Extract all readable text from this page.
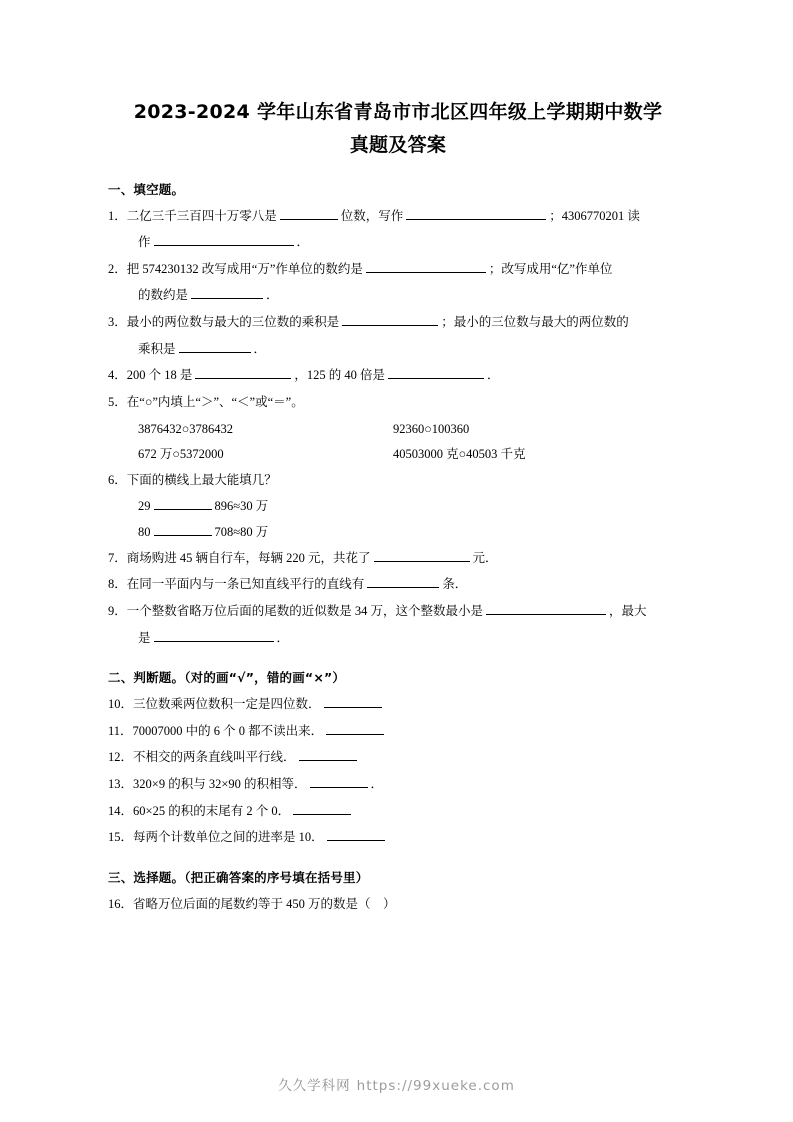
2023-2024 学年山东省青岛市市北区四年级上学期期中数学
真题及答案
一、填空题。

1．二亿三千三百四十万零八是	位数，写作	；4306770201 读

作	．

2．把 574230132 改写成用“万”作单位的数约是	；改写成用“亿”作单位

的数约是	．

3．最小的两位数与最大的三位数的乘积是	；最小的三位数与最大的两位数的

乘积是	．

4．200 个 18 是	，125 的 40 倍是	．

5．在“○”内填上“＞”、“＜”或“＝”。

3876432○3786432	92360○100360
672 万○5372000	40503000 克○40503 千克

6．下面的横线上最大能填几？

29	896≈30 万
80	708≈80 万

7．商场购进 45 辆自行车，每辆 220 元，共花了	元．

8．在同一平面内与一条已知直线平行的直线有	条．

9．一个整数省略万位后面的尾数的近似数是 34 万，这个整数最小是	，最大

是	．

二、判断题。（对的画“√”，错的画“×”）

10．三位数乘两位数积一定是四位数．

11．70007000 中的 6 个 0 都不读出来．

12．不相交的两条直线叫平行线．

13．320×9 的积与 32×90 的积相等．	．

14．60×25 的积的末尾有 2 个 0．

15．每两个计数单位之间的进率是 10．

三、选择题。（把正确答案的序号填在括号里）

16．省略万位后面的尾数约等于 450 万的数是（ ）

久久学科网 https://99xueke.com
